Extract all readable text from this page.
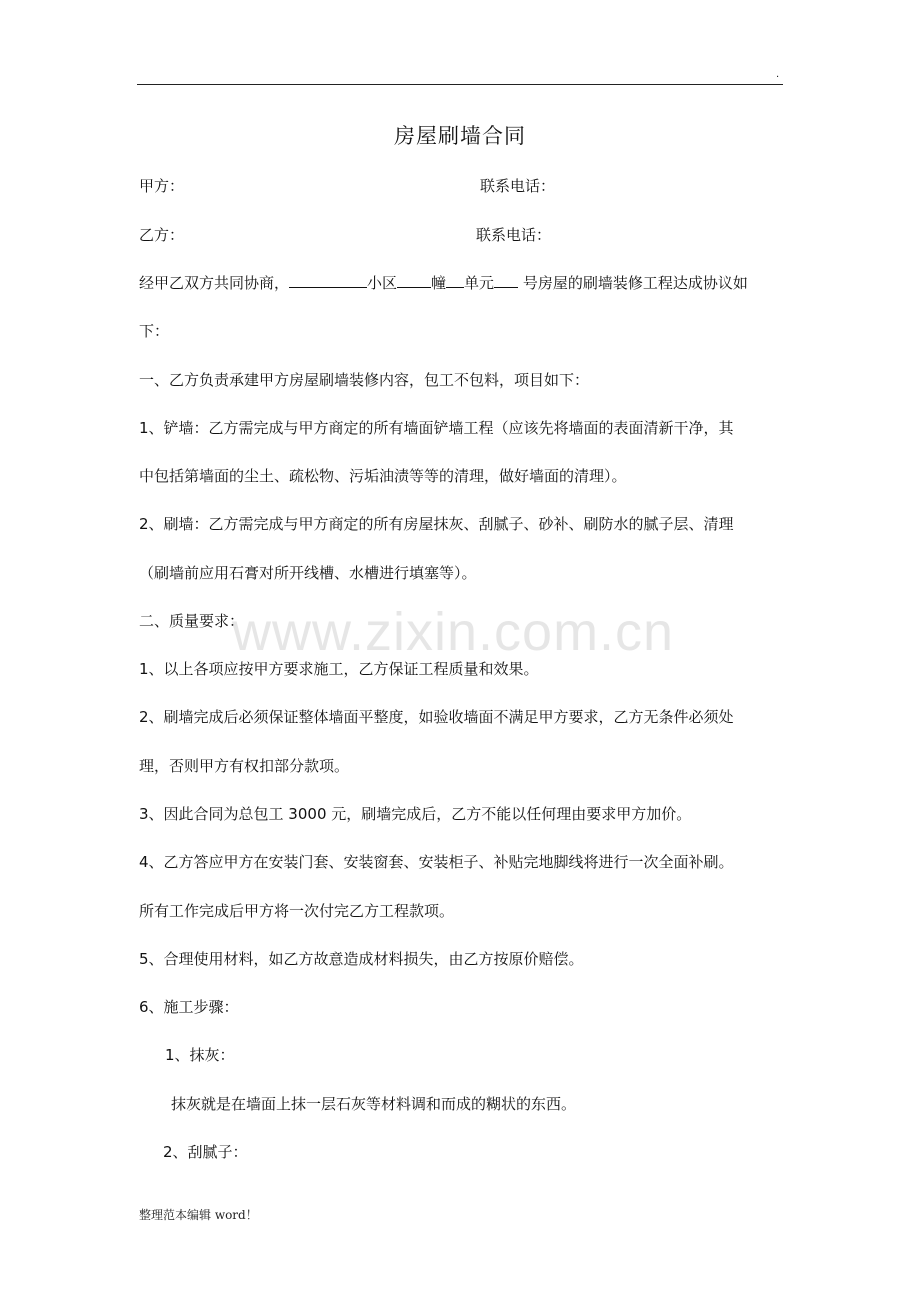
.
房屋刷墙合同
甲方：	联系电话：
乙方：	联系电话：
经甲乙双方共同协商，	小区 幢 单元 号房屋的刷墙装修工程达成协议如
下：
一、乙方负责承建甲方房屋刷墙装修内容，包工不包料，项目如下：
1、铲墙：乙方需完成与甲方商定的所有墙面铲墙工程（应该先将墙面的表面清新干净，其
中包括第墙面的尘土、疏松物、污垢油渍等等的清理，做好墙面的清理）。
2、刷墙：乙方需完成与甲方商定的所有房屋抹灰、刮腻子、砂补、刷防水的腻子层、清理
（刷墙前应用石膏对所开线槽、水槽进行填塞等）。
二、质量要求：
1、以上各项应按甲方要求施工，乙方保证工程质量和效果。
2、刷墙完成后必须保证整体墙面平整度，如验收墙面不满足甲方要求，乙方无条件必须处
理，否则甲方有权扣部分款项。
3、因此合同为总包工 3000 元，刷墙完成后，乙方不能以任何理由要求甲方加价。
4、乙方答应甲方在安装门套、安装窗套、安装柜子、补贴完地脚线将进行一次全面补刷。
所有工作完成后甲方将一次付完乙方工程款项。
5、合理使用材料，如乙方故意造成材料损失，由乙方按原价赔偿。
6、施工步骤：
1、抹灰：
抹灰就是在墙面上抹一层石灰等材料调和而成的糊状的东西。
2、刮腻子：
www.zixin.com.cn
整理范本编辑 word！
